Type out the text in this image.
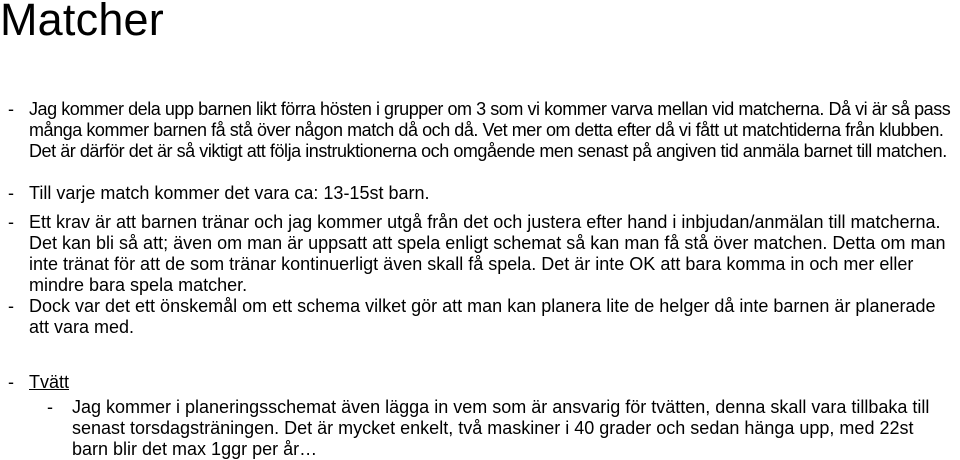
Matcher
- Jag kommer dela upp barnen likt förra hösten i grupper om 3 som vi kommer varva mellan vid matcherna. Då vi är så pass många kommer barnen få stå över någon match då och då. Vet mer om detta efter då vi fått ut matchtiderna från klubben. Det är därför det är så viktigt att följa instruktionerna och omgående men senast på angiven tid anmäla barnet till matchen.

- Till varje match kommer det vara ca: 13-15st barn.

- Ett krav är att barnen tränar och jag kommer utgå från det och justera efter hand i inbjudan/anmälan till matcherna. Det kan bli så att; även om man är uppsatt att spela enligt schemat så kan man få stå över matchen. Detta om man inte tränat för att de som tränar kontinuerligt även skall få spela. Det är inte OK att bara komma in och mer eller mindre bara spela matcher.

- Dock var det ett önskemål om ett schema vilket gör att man kan planera lite de helger då inte barnen är planerade att vara med.

- Tvätt

-	Jag kommer i planeringsschemat även lägga in vem som är ansvarig för tvätten, denna skall vara tillbaka till senast torsdagsträningen. Det är mycket enkelt, två maskiner i 40 grader och sedan hänga upp, med 22st barn blir det max 1ggr per år…
